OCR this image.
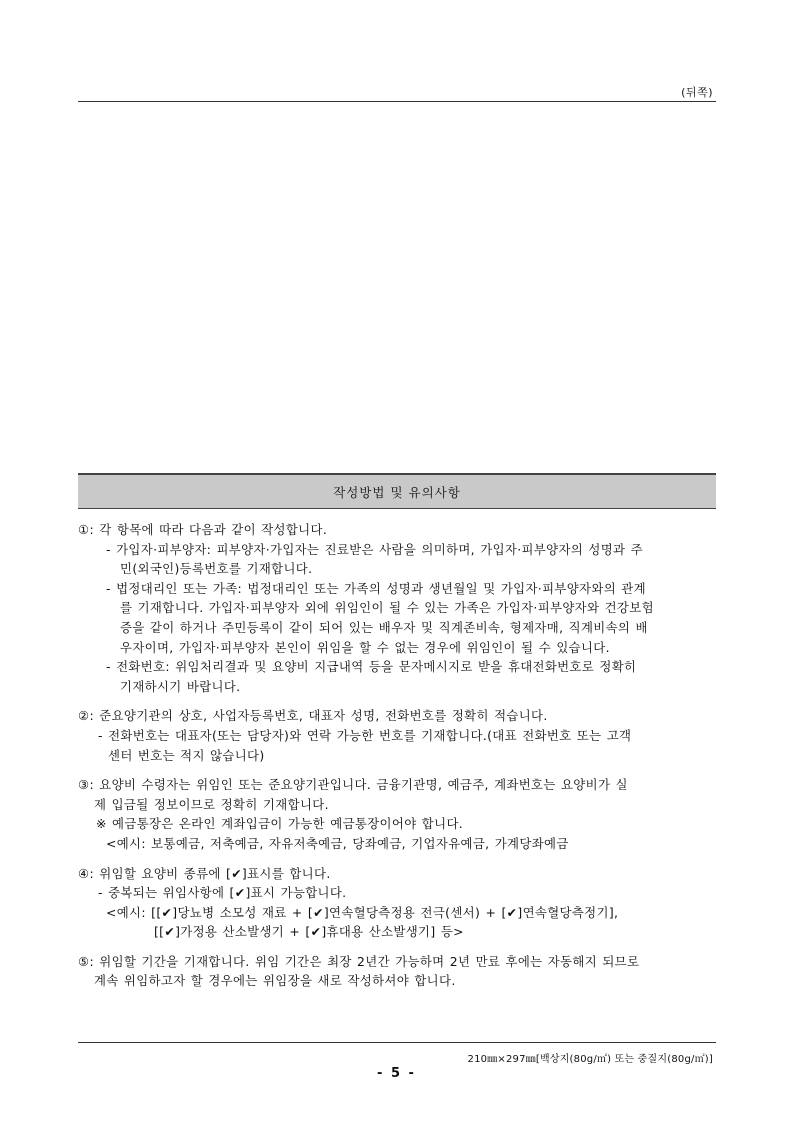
(뒤쪽)
작성방법 및 유의사항
①: 각 항목에 따라 다음과 같이 작성합니다.
- 가입자·피부양자: 피부양자·가입자는 진료받은 사람을 의미하며, 가입자·피부양자의 성명과 주
민(외국인)등록번호를 기재합니다.
- 법정대리인 또는 가족: 법정대리인 또는 가족의 성명과 생년월일 및 가입자·피부양자와의 관계
를 기재합니다. 가입자·피부양자 외에 위임인이 될 수 있는 가족은 가입자·피부양자와 건강보험
증을 같이 하거나 주민등록이 같이 되어 있는 배우자 및 직계존비속, 형제자매, 직계비속의 배
우자이며, 가입자·피부양자 본인이 위임을 할 수 없는 경우에 위임인이 될 수 있습니다.
- 전화번호: 위임처리결과 및 요양비 지급내역 등을 문자메시지로 받을 휴대전화번호로 정확히
기재하시기 바랍니다.
②: 준요양기관의 상호, 사업자등록번호, 대표자 성명, 전화번호를 정확히 적습니다.
- 전화번호는 대표자(또는 담당자)와 연락 가능한 번호를 기재합니다.(대표 전화번호 또는 고객
센터 번호는 적지 않습니다)
③: 요양비 수령자는 위임인 또는 준요양기관입니다. 금융기관명, 예금주, 계좌번호는 요양비가 실
제 입금될 정보이므로 정확히 기재합니다.
※ 예금통장은 온라인 계좌입금이 가능한 예금통장이어야 합니다.
<예시: 보통예금, 저축예금, 자유저축예금, 당좌예금, 기업자유예금, 가계당좌예금
④: 위임할 요양비 종류에 [✔]표시를 합니다.
- 중복되는 위임사항에 [✔]표시 가능합니다.
<예시: [[✔]당뇨병 소모성 재료 + [✔]연속혈당측정용 전극(센서) + [✔]연속혈당측정기],
[[✔]가정용 산소발생기 + [✔]휴대용 산소발생기] 등>
⑤: 위임할 기간을 기재합니다. 위임 기간은 최장 2년간 가능하며 2년 만료 후에는 자동해지 되므로
계속 위임하고자 할 경우에는 위임장을 새로 작성하셔야 합니다.
210㎜×297㎜[백상지(80g/㎡) 또는 중질지(80g/㎡)]
- 5 -
